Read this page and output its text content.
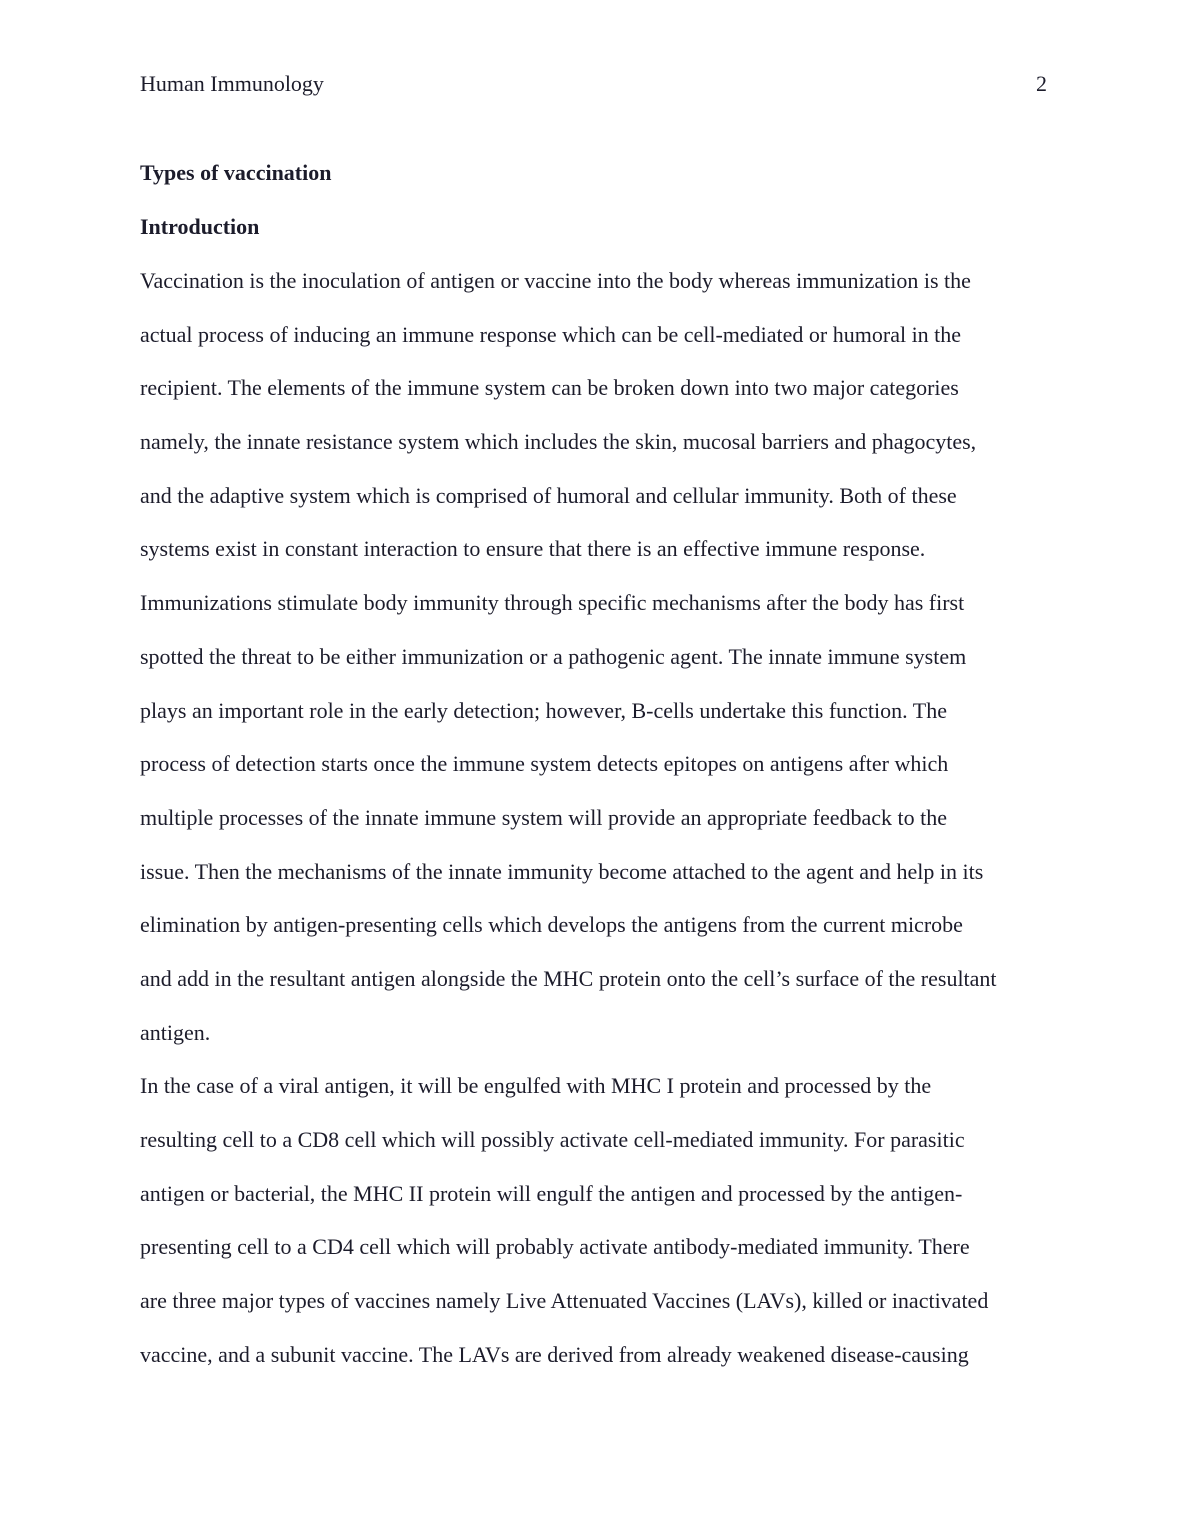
Human Immunology	2
Types of vaccination
Introduction
Vaccination is the inoculation of antigen or vaccine into the body whereas immunization is the
actual process of inducing an immune response which can be cell-mediated or humoral in the
recipient. The elements of the immune system can be broken down into two major categories
namely, the innate resistance system which includes the skin, mucosal barriers and phagocytes,
and the adaptive system which is comprised of humoral and cellular immunity. Both of these
systems exist in constant interaction to ensure that there is an effective immune response.
Immunizations stimulate body immunity through specific mechanisms after the body has first
spotted the threat to be either immunization or a pathogenic agent. The innate immune system
plays an important role in the early detection; however, B-cells undertake this function. The
process of detection starts once the immune system detects epitopes on antigens after which
multiple processes of the innate immune system will provide an appropriate feedback to the
issue. Then the mechanisms of the innate immunity become attached to the agent and help in its
elimination by antigen-presenting cells which develops the antigens from the current microbe
and add in the resultant antigen alongside the MHC protein onto the cell’s surface of the resultant
antigen.
In the case of a viral antigen, it will be engulfed with MHC I protein and processed by the
resulting cell to a CD8 cell which will possibly activate cell-mediated immunity. For parasitic
antigen or bacterial, the MHC II protein will engulf the antigen and processed by the antigen-
presenting cell to a CD4 cell which will probably activate antibody-mediated immunity. There
are three major types of vaccines namely Live Attenuated Vaccines (LAVs), killed or inactivated
vaccine, and a subunit vaccine. The LAVs are derived from already weakened disease-causing
